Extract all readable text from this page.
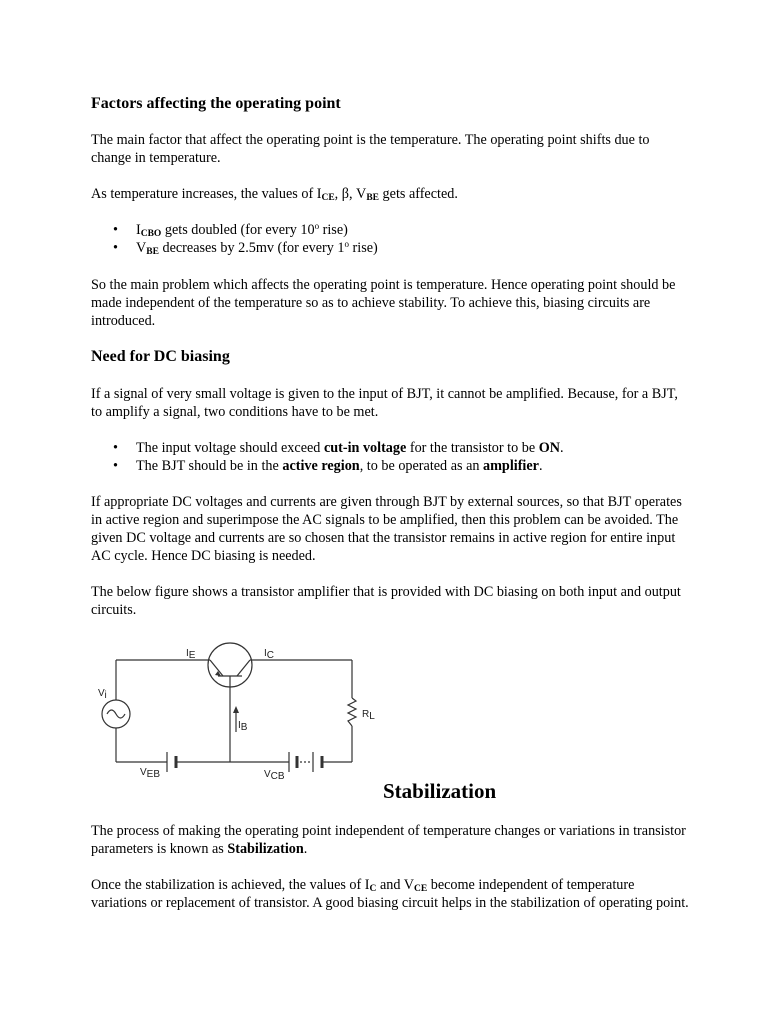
Factors affecting the operating point

The main factor that affect the operating point is the temperature. The operating point shifts due to change in temperature.

As temperature increases, the values of $I_{CE}$, β, $V_{BE}$ gets affected.

• $I_{CBO}$ gets doubled (for every 10$^o$ rise)
• $V_{BE}$ decreases by 2.5mv (for every 1$^o$ rise)

So the main problem which affects the operating point is temperature. Hence operating point should be made independent of the temperature so as to achieve stability. To achieve this, biasing circuits are introduced.

Need for DC biasing

If a signal of very small voltage is given to the input of BJT, it cannot be amplified. Because, for a BJT, to amplify a signal, two conditions have to be met.

• The input voltage should exceed cut-in voltage for the transistor to be ON.
• The BJT should be in the active region, to be operated as an amplifier.

If appropriate DC voltages and currents are given through BJT by external sources, so that BJT operates in active region and superimpose the AC signals to be amplified, then this problem can be avoided. The given DC voltage and currents are so chosen that the transistor remains in active region for entire input AC cycle. Hence DC biasing is needed.

The below figure shows a transistor amplifier that is provided with DC biasing on both input and output circuits.

IE	IC
Vi
RL
IB
VEB	VCB
Stabilization

The process of making the operating point independent of temperature changes or variations in transistor parameters is known as Stabilization.

Once the stabilization is achieved, the values of $I_C$ and $V_{CE}$ become independent of temperature variations or replacement of transistor. A good biasing circuit helps in the stabilization of operating point.
